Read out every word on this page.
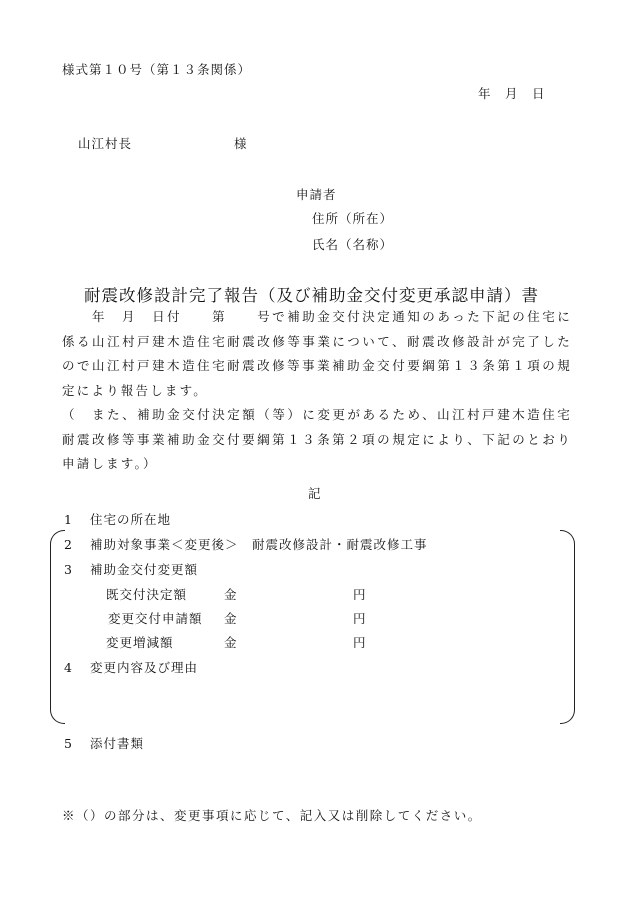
様式第１０号（第１３条関係）
年　月　日
山江村長	様
申請者
住所（所在）
氏名（名称）
耐震改修設計完了報告（及び補助金交付変更承認申請）書
　　年　月　日付　　第　　号で補助金交付決定通知のあった下記の住宅に係る山江村戸建木造住宅耐震改修等事業について、耐震改修設計が完了したので山江村戸建木造住宅耐震改修等事業補助金交付要綱第１３条第１項の規定により報告します。
（　また、補助金交付決定額（等）に変更があるため、山江村戸建木造住宅耐震改修等事業補助金交付要綱第１３条第２項の規定により、下記のとおり申請します。）
記
1 住宅の所在地
2 補助対象事業＜変更後＞　耐震改修設計・耐震改修工事
3 補助金交付変更額
既交付決定額	金	円
変更交付申請額 金	円
変更増減額	金	円
4 変更内容及び理由
5 添付書類
※（）の部分は、変更事項に応じて、記入又は削除してください。
